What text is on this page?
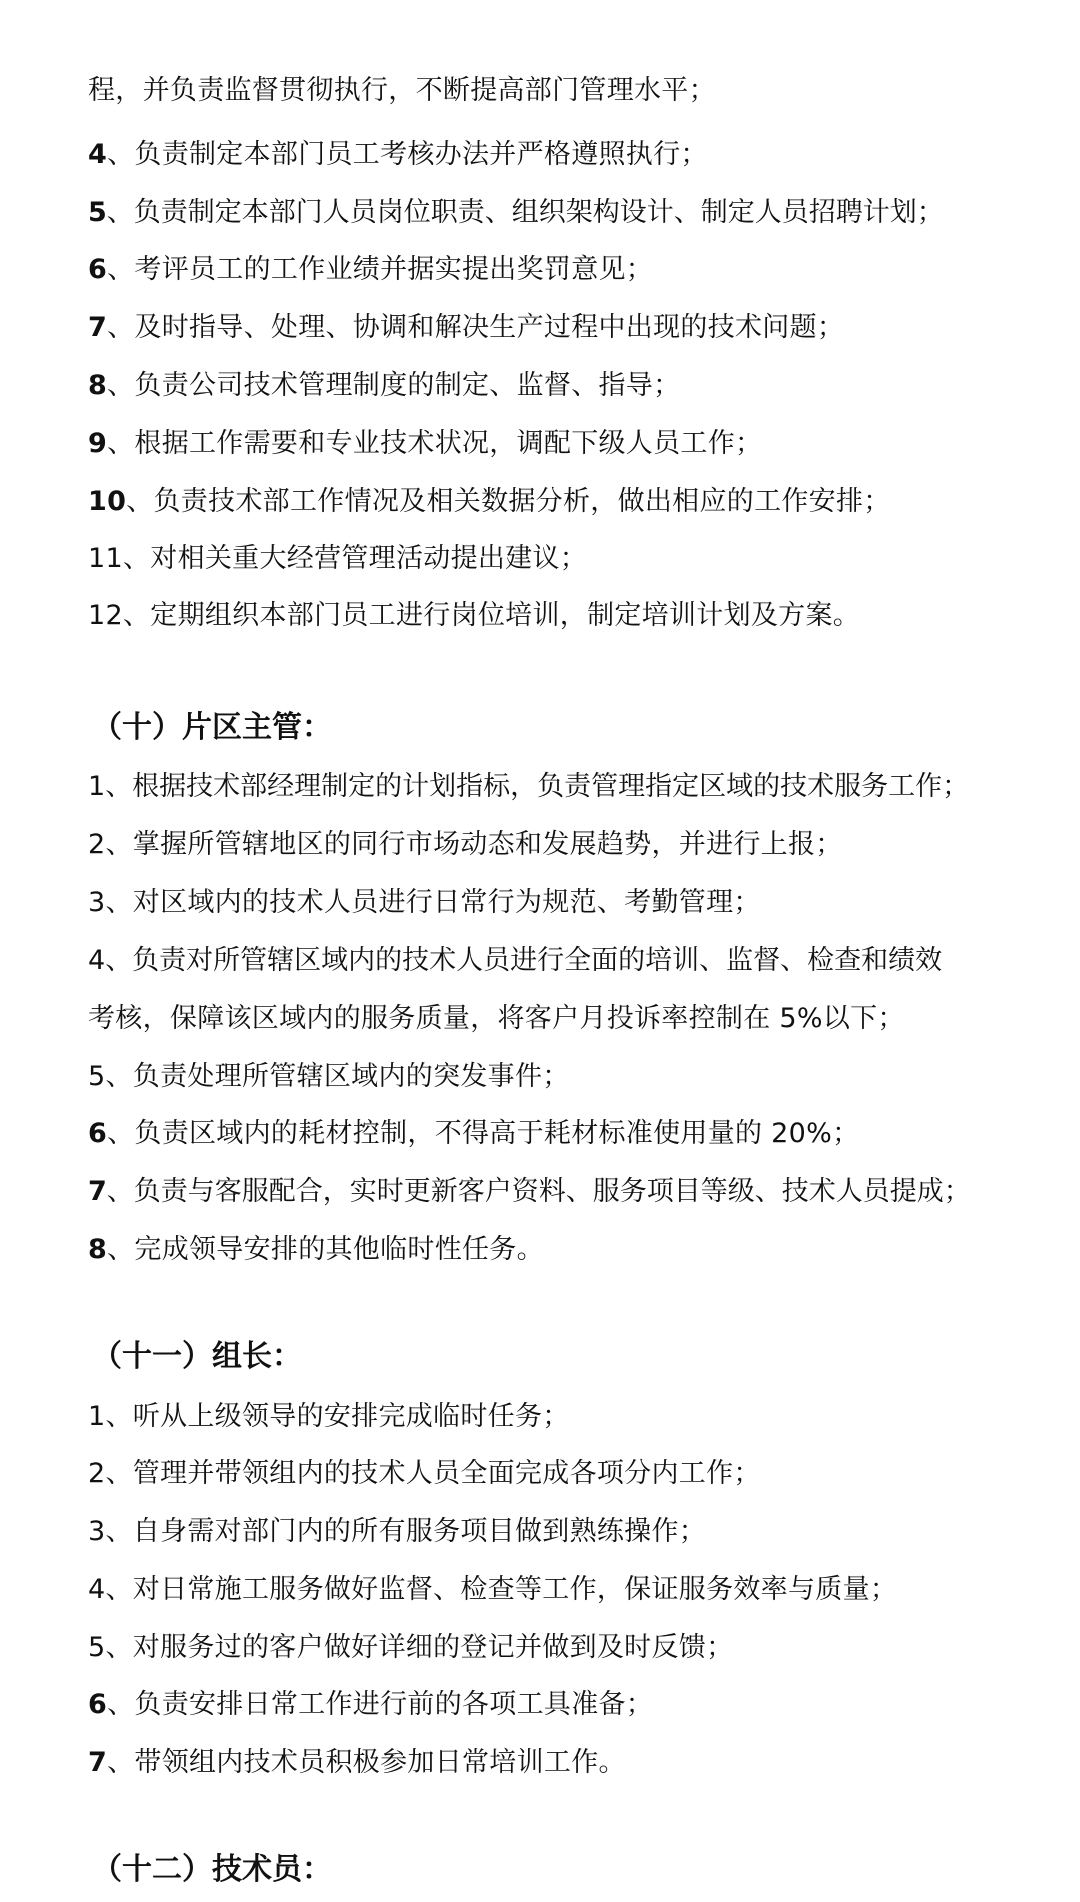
程，并负责监督贯彻执行，不断提高部门管理水平；
4、负责制定本部门员工考核办法并严格遵照执行；
5、负责制定本部门人员岗位职责、组织架构设计、制定人员招聘计划；
6、考评员工的工作业绩并据实提出奖罚意见；
7、及时指导、处理、协调和解决生产过程中出现的技术问题；
8、负责公司技术管理制度的制定、监督、指导；
9、根据工作需要和专业技术状况，调配下级人员工作；
10、负责技术部工作情况及相关数据分析，做出相应的工作安排；
11、对相关重大经营管理活动提出建议；
12、定期组织本部门员工进行岗位培训，制定培训计划及方案。
（十）片区主管：
1、根据技术部经理制定的计划指标，负责管理指定区域的技术服务工作；
2、掌握所管辖地区的同行市场动态和发展趋势，并进行上报；
3、对区域内的技术人员进行日常行为规范、考勤管理；
4、负责对所管辖区域内的技术人员进行全面的培训、监督、检查和绩效
考核，保障该区域内的服务质量，将客户月投诉率控制在 5%以下；
5、负责处理所管辖区域内的突发事件；
6、负责区域内的耗材控制，不得高于耗材标准使用量的 20%；
7、负责与客服配合，实时更新客户资料、服务项目等级、技术人员提成；
8、完成领导安排的其他临时性任务。
（十一）组长：
1、听从上级领导的安排完成临时任务；
2、管理并带领组内的技术人员全面完成各项分内工作；
3、自身需对部门内的所有服务项目做到熟练操作；
4、对日常施工服务做好监督、检查等工作，保证服务效率与质量；
5、对服务过的客户做好详细的登记并做到及时反馈；
6、负责安排日常工作进行前的各项工具准备；
7、带领组内技术员积极参加日常培训工作。
（十二）技术员：
